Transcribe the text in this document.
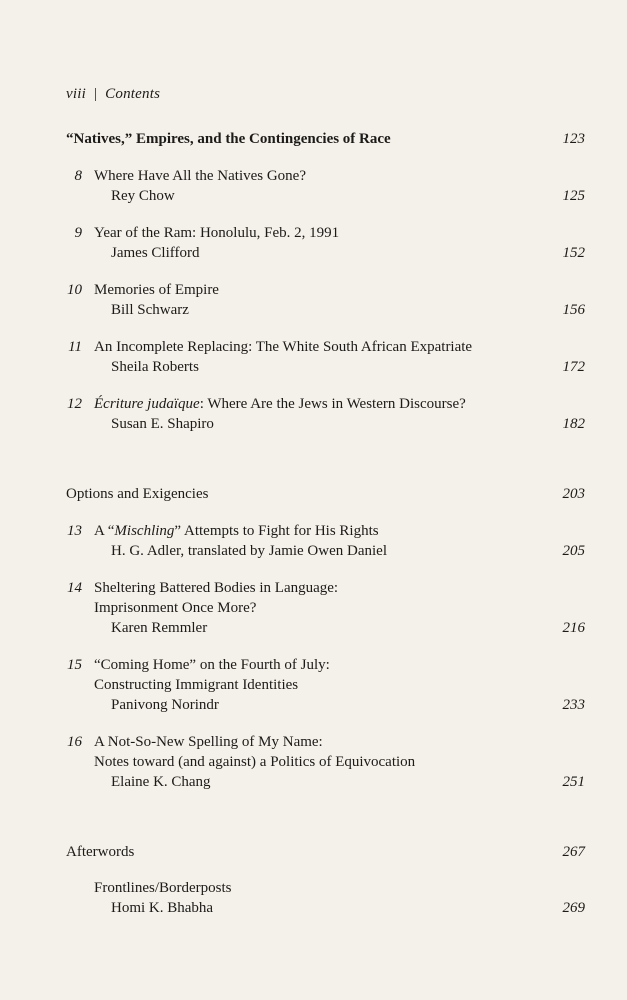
viii | Contents
“Natives,” Empires, and the Contingencies of Race	123
8 Where Have All the Natives Gone?
Rey Chow	125
9 Year of the Ram: Honolulu, Feb. 2, 1991
James Clifford	152
10 Memories of Empire
Bill Schwarz	156
11 An Incomplete Replacing: The White South African Expatriate
Sheila Roberts	172
12 Écriture judaïque: Where Are the Jews in Western Discourse?
Susan E. Shapiro	182
Options and Exigencies	203
13 A “Mischling” Attempts to Fight for His Rights
H. G. Adler, translated by Jamie Owen Daniel	205
14 Sheltering Battered Bodies in Language:
Imprisonment Once More?
Karen Remmler	216
15 “Coming Home” on the Fourth of July:
Constructing Immigrant Identities
Panivong Norindr	233
16 A Not-So-New Spelling of My Name:
Notes toward (and against) a Politics of Equivocation
Elaine K. Chang	251
Afterwords	267
Frontlines/Borderposts
Homi K. Bhabha	269
